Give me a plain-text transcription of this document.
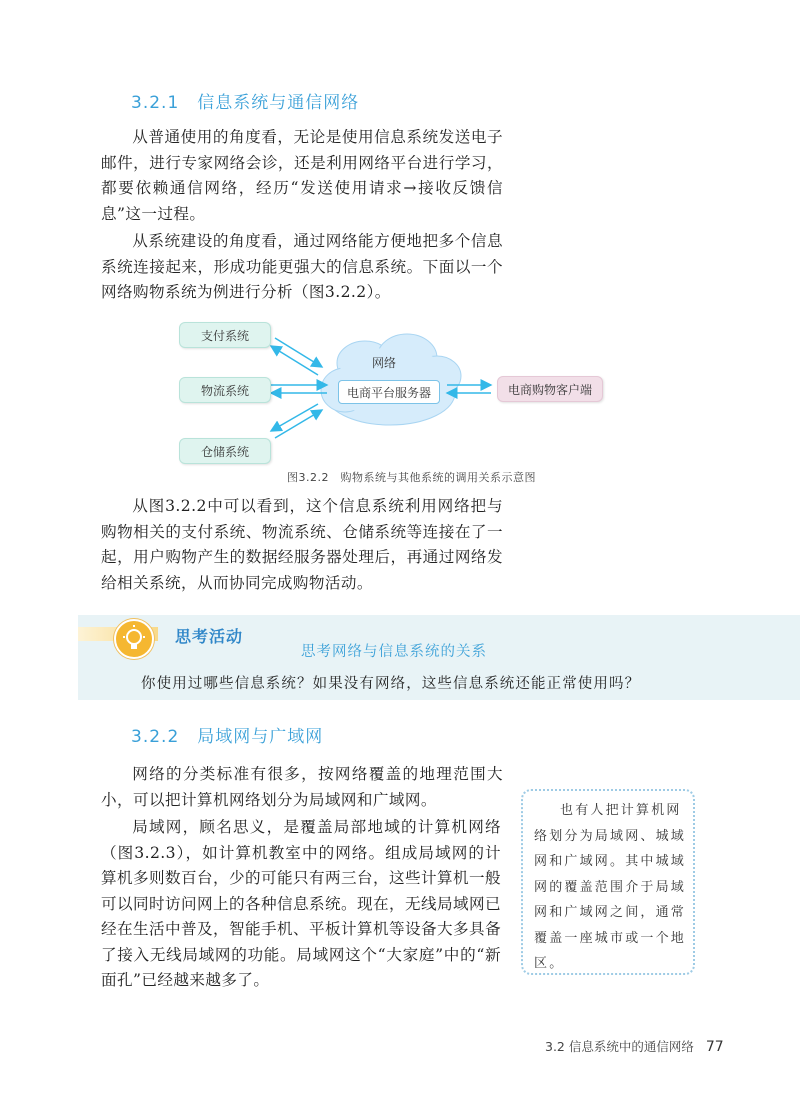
3.2.1 信息系统与通信网络

从普通使用的角度看，无论是使用信息系统发送电子邮件，进行专家网络会诊，还是利用网络平台进行学习，都要依赖通信网络，经历“发送使用请求→接收反馈信息”这一过程。

从系统建设的角度看，通过网络能方便地把多个信息系统连接起来，形成功能更强大的信息系统。下面以一个网络购物系统为例进行分析（图3.2.2）。

支付系统
物流系统
仓储系统
网络
电商平台服务器	电商购物客户端
图3.2.2　购物系统与其他系统的调用关系示意图

从图3.2.2中可以看到，这个信息系统利用网络把与购物相关的支付系统、物流系统、仓储系统等连接在了一起，用户购物产生的数据经服务器处理后，再通过网络发给相关系统，从而协同完成购物活动。

思考活动
思考网络与信息系统的关系
你使用过哪些信息系统？如果没有网络，这些信息系统还能正常使用吗？
3.2.2 局域网与广域网

网络的分类标准有很多，按网络覆盖的地理范围大小，可以把计算机网络划分为局域网和广域网。

局域网，顾名思义，是覆盖局部地域的计算机网络（图3.2.3），如计算机教室中的网络。组成局域网的计算机多则数百台，少的可能只有两三台，这些计算机一般可以同时访问网上的各种信息系统。现在，无线局域网已经在生活中普及，智能手机、平板计算机等设备大多具备了接入无线局域网的功能。局域网这个“大家庭”中的“新面孔”已经越来越多了。

也有人把计算机网络划分为局域网、城域网和广域网。其中城域网的覆盖范围介于局域网和广域网之间，通常覆盖一座城市或一个地区。

3.2 信息系统中的通信网络 77
